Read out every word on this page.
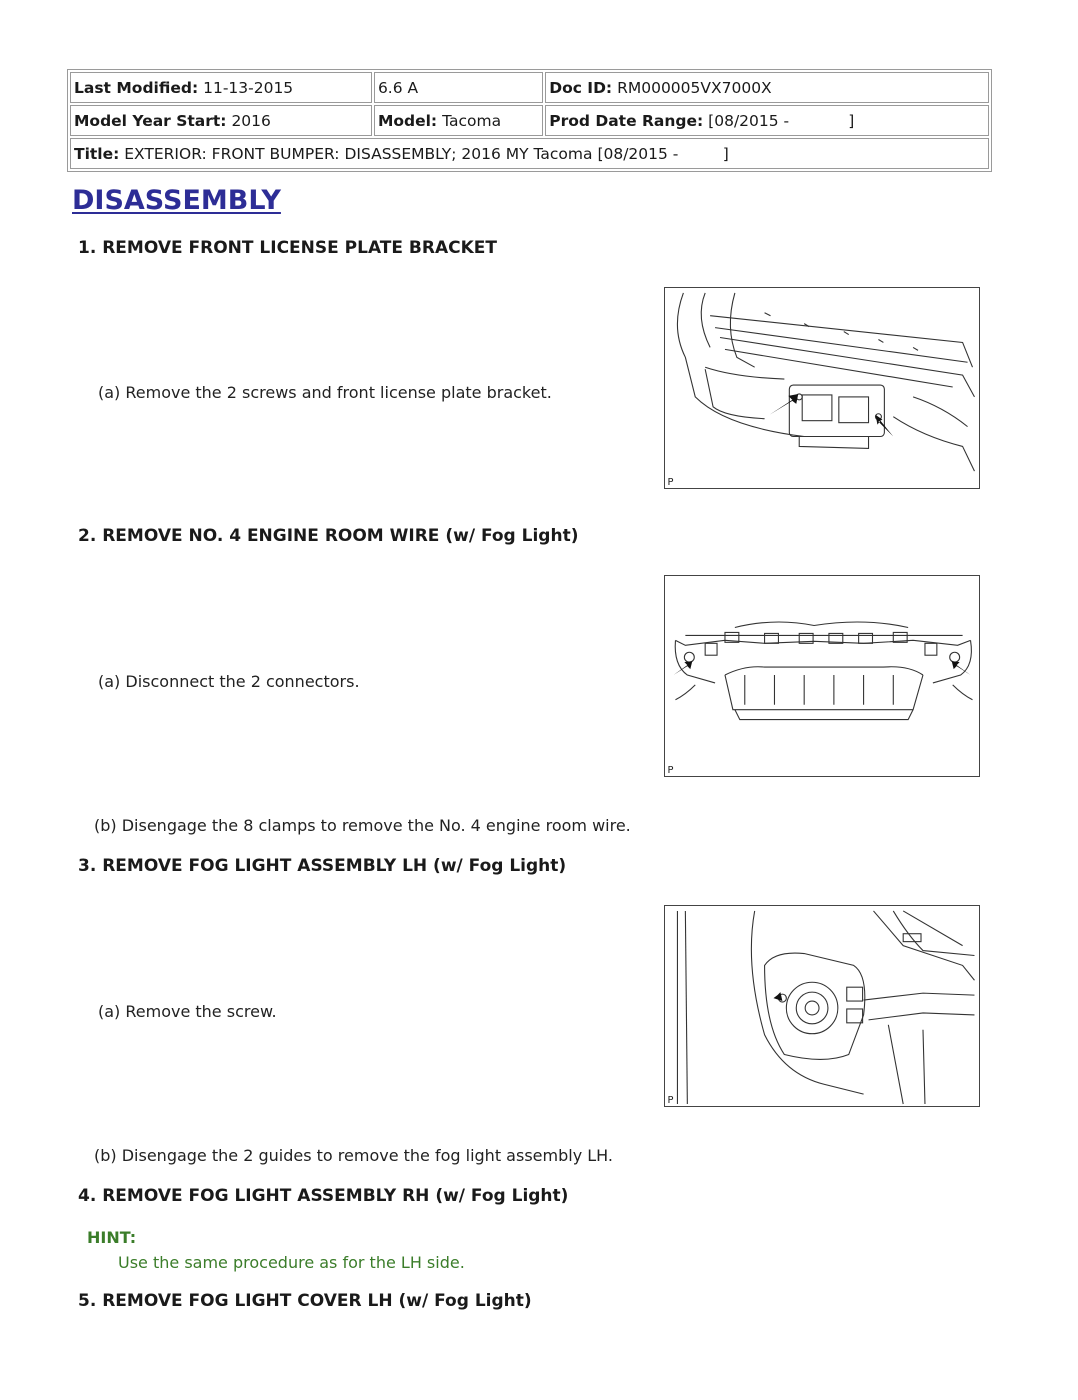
Last Modified: 11-13-2015	6.6 A	Doc ID: RM000005VX7000X
Model Year Start: 2016	Model: Tacoma	Prod Date Range: [08/2015 -            ]
Title: EXTERIOR: FRONT BUMPER: DISASSEMBLY; 2016 MY Tacoma [08/2015 -         ]		
DISASSEMBLY

1. REMOVE FRONT LICENSE PLATE BRACKET

(a) Remove the 2 screws and front license plate bracket.

P

2. REMOVE NO. 4 ENGINE ROOM WIRE (w/ Fog Light)

(a) Disconnect the 2 connectors.

(b) Disengage the 8 clamps to remove the No. 4 engine room wire.

P

3. REMOVE FOG LIGHT ASSEMBLY LH (w/ Fog Light)

(a) Remove the screw.

(b) Disengage the 2 guides to remove the fog light assembly LH.

P

4. REMOVE FOG LIGHT ASSEMBLY RH (w/ Fog Light)

HINT:

Use the same procedure as for the LH side.

5. REMOVE FOG LIGHT COVER LH (w/ Fog Light)
